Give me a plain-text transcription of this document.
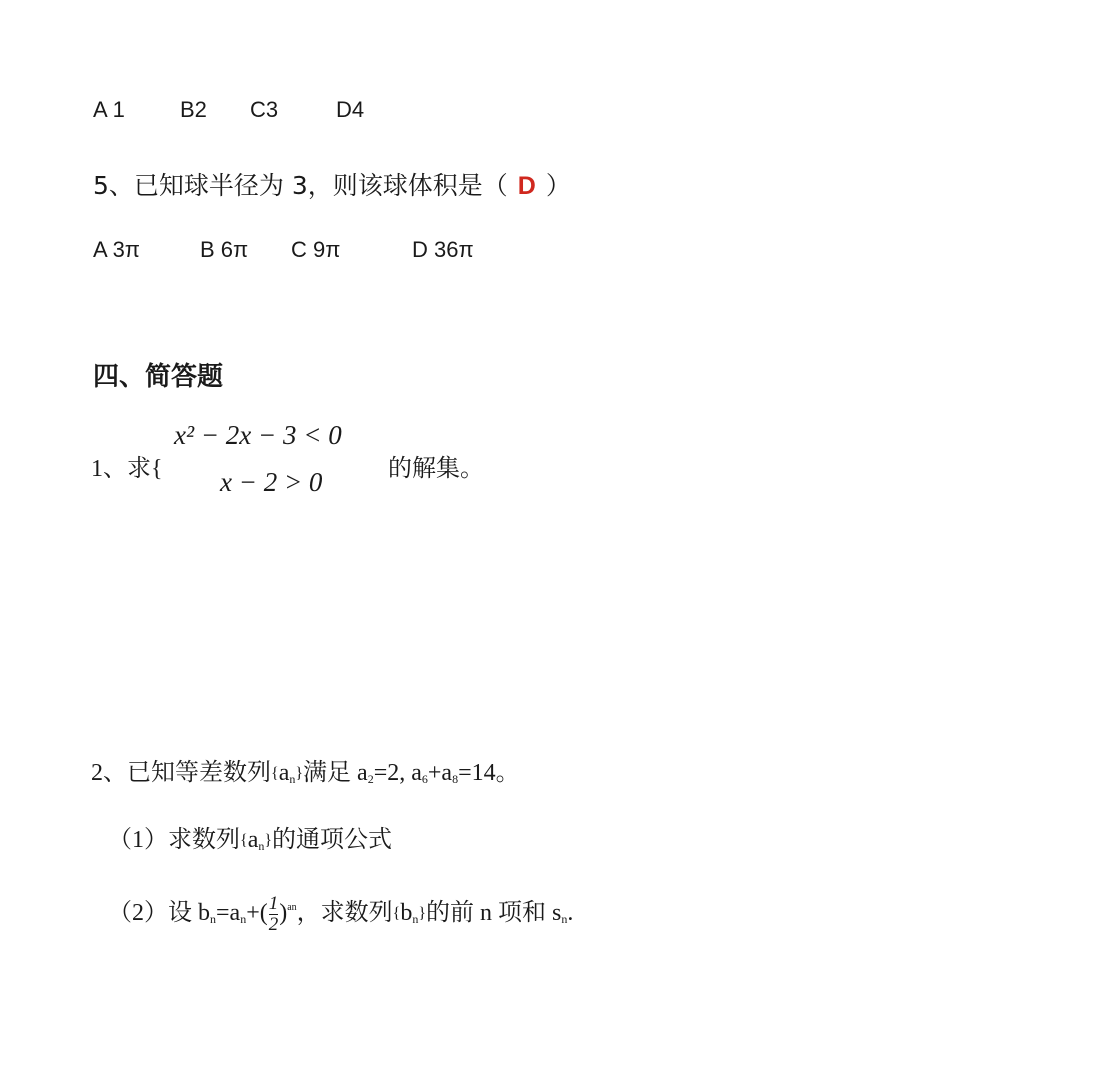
A 1	B2 C3	D4
5、已知球半径为 3，则该球体积是（ D ）
A 3π	B 6π C 9π	D 36π
四、简答题
1、求{
x² − 2x − 3 < 0
x − 2 > 0	的解集。
2、已知等差数列$\{a_n\}$满足 $a_2=2$, $a_6+a_8=14$。
（1）求数列$\{a_n\}$的通项公式
（2）设 $b_n=a_n+( \frac{1}{2} )^{an}$，求数列$\{b_n\}$的前 n 项和 $s_n$.
